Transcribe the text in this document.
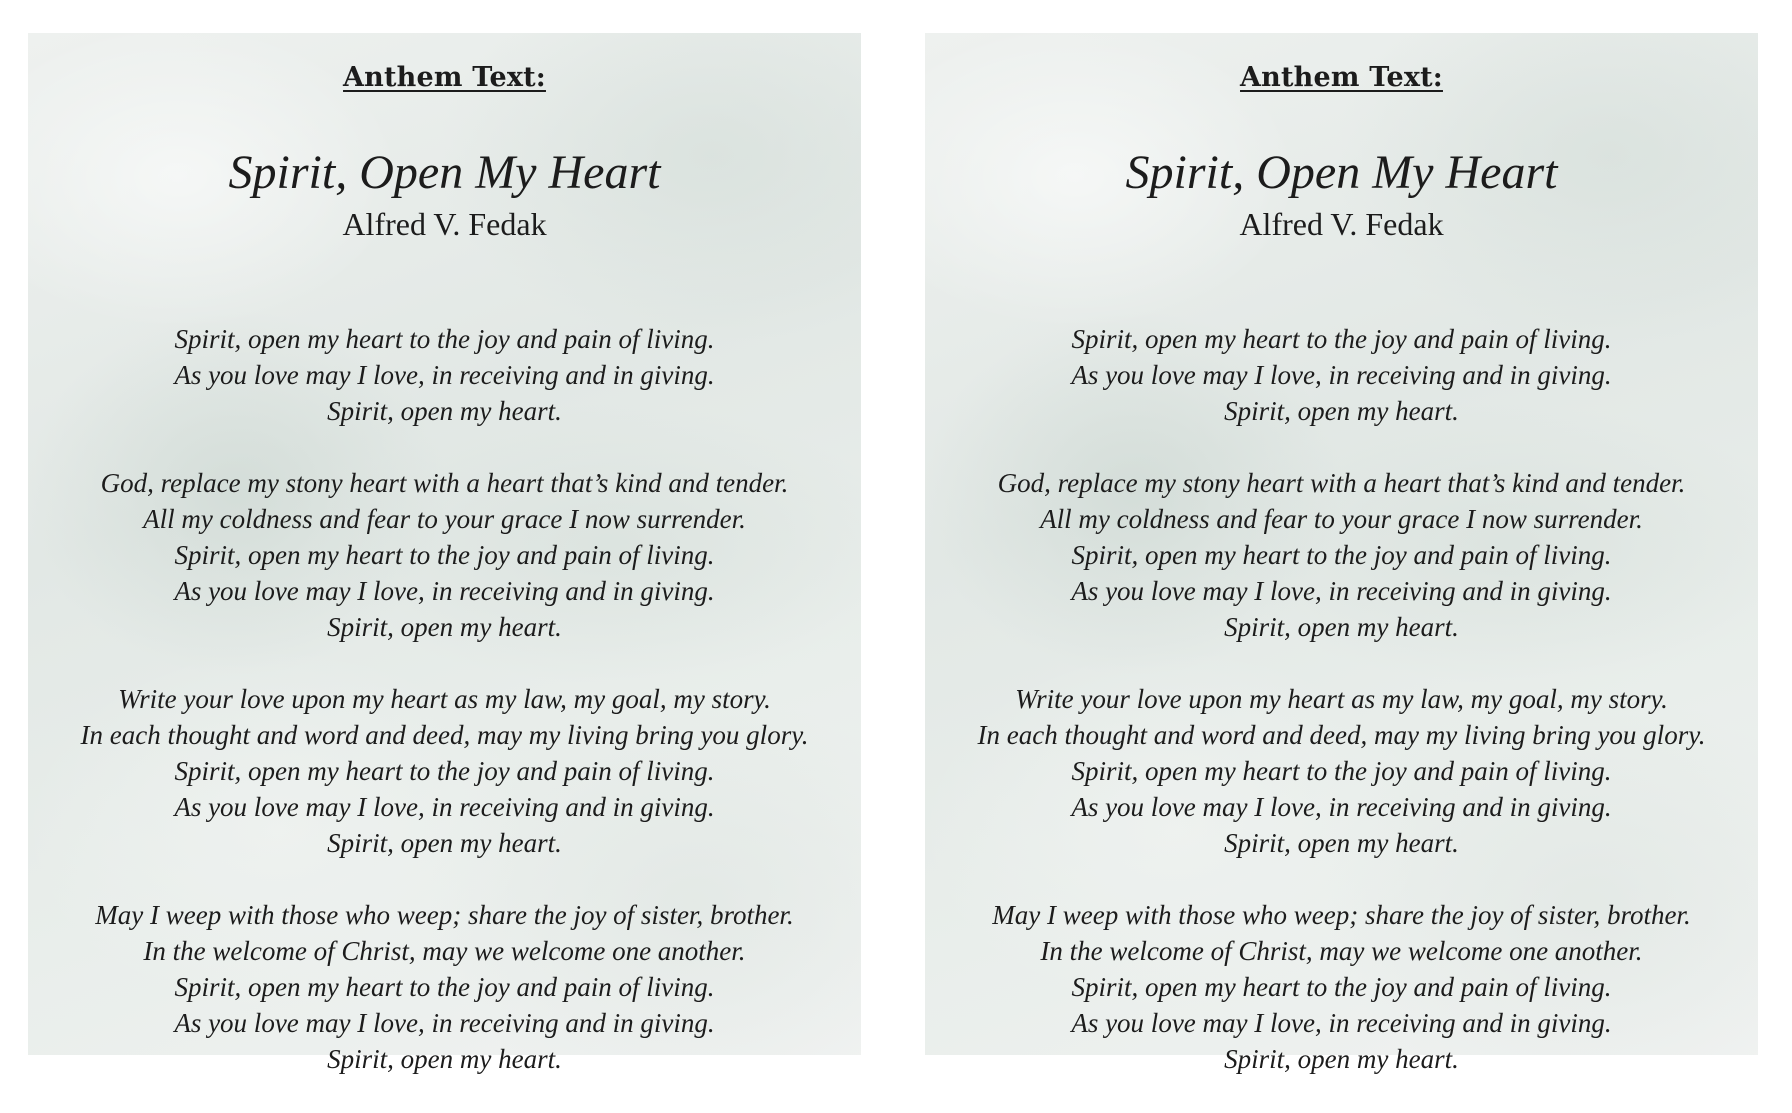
Anthem Text:
Spirit, Open My Heart
Alfred V. Fedak
Spirit, open my heart to the joy and pain of living.
As you love may I love, in receiving and in giving.
Spirit, open my heart.
God, replace my stony heart with a heart that’s kind and tender.
All my coldness and fear to your grace I now surrender.
Spirit, open my heart to the joy and pain of living.
As you love may I love, in receiving and in giving.
Spirit, open my heart.
Write your love upon my heart as my law, my goal, my story.
In each thought and word and deed, may my living bring you glory.
Spirit, open my heart to the joy and pain of living.
As you love may I love, in receiving and in giving.
Spirit, open my heart.
May I weep with those who weep; share the joy of sister, brother.
In the welcome of Christ, may we welcome one another.
Spirit, open my heart to the joy and pain of living.
As you love may I love, in receiving and in giving.
Spirit, open my heart.
Anthem Text:
Spirit, Open My Heart
Alfred V. Fedak
Spirit, open my heart to the joy and pain of living.
As you love may I love, in receiving and in giving.
Spirit, open my heart.
God, replace my stony heart with a heart that’s kind and tender.
All my coldness and fear to your grace I now surrender.
Spirit, open my heart to the joy and pain of living.
As you love may I love, in receiving and in giving.
Spirit, open my heart.
Write your love upon my heart as my law, my goal, my story.
In each thought and word and deed, may my living bring you glory.
Spirit, open my heart to the joy and pain of living.
As you love may I love, in receiving and in giving.
Spirit, open my heart.
May I weep with those who weep; share the joy of sister, brother.
In the welcome of Christ, may we welcome one another.
Spirit, open my heart to the joy and pain of living.
As you love may I love, in receiving and in giving.
Spirit, open my heart.
